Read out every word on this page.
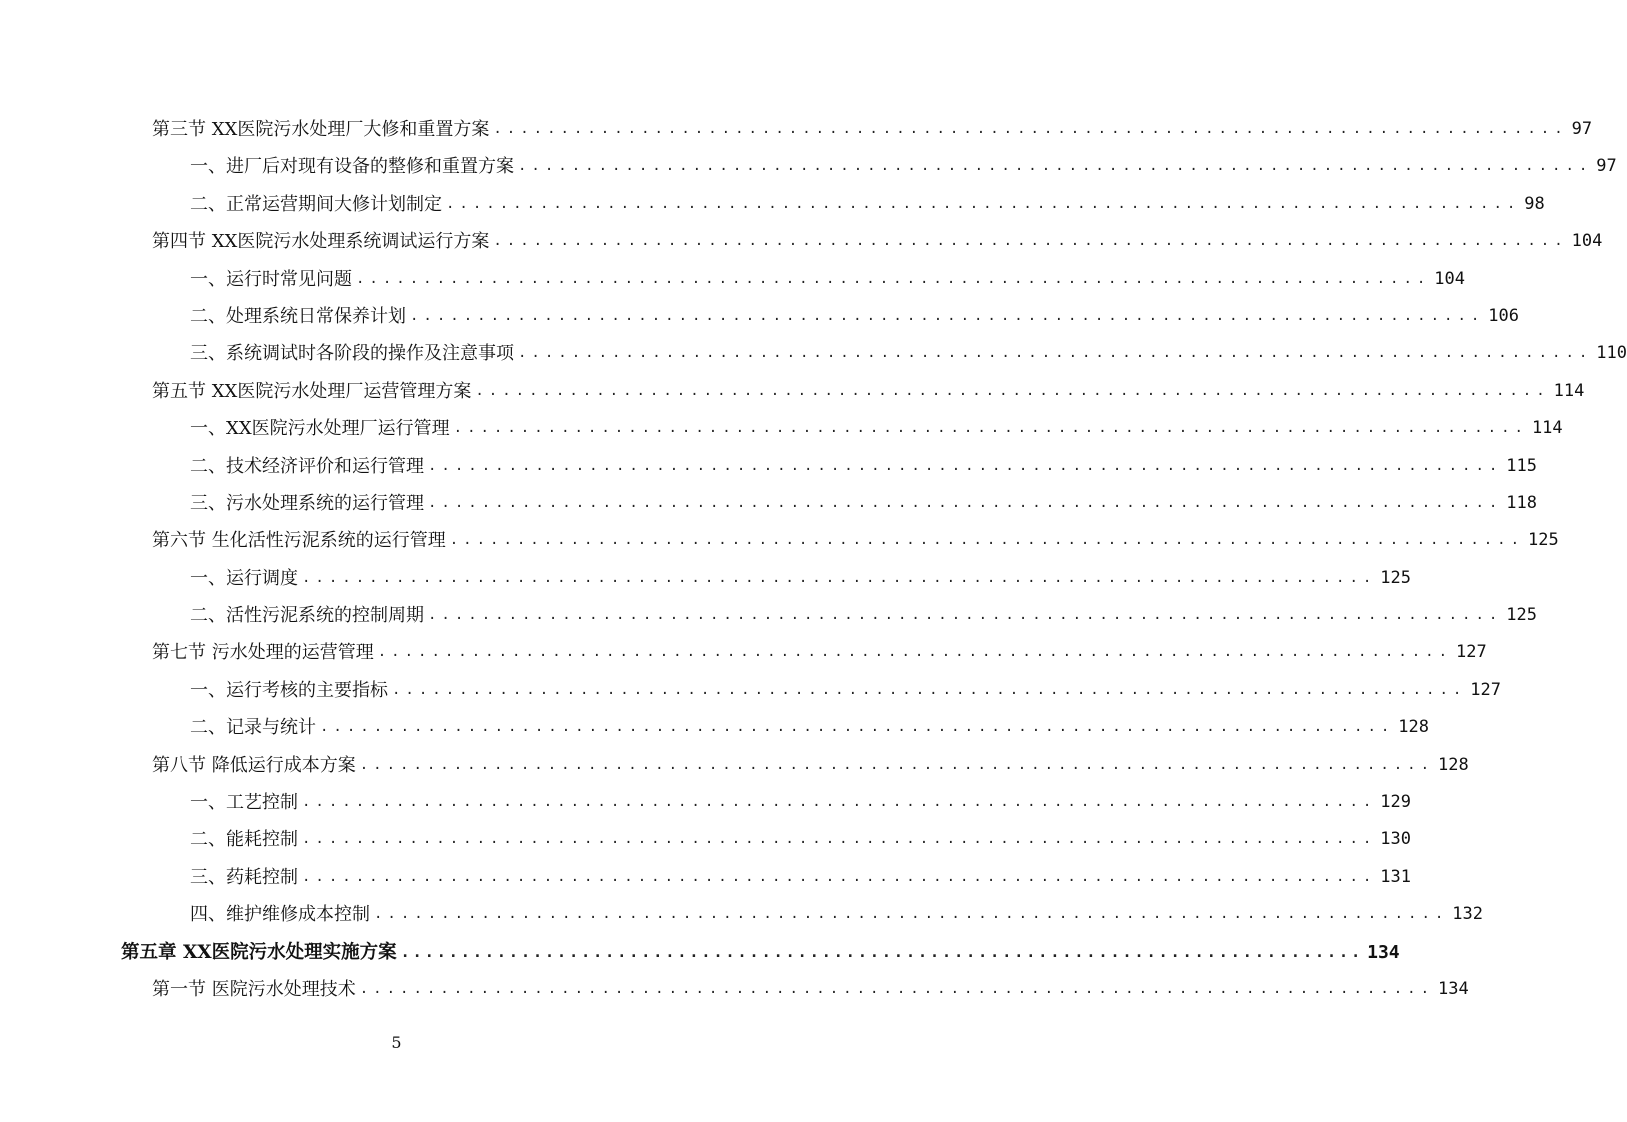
第三节 XX医院污水处理厂大修和重置方案 ................................................................................ 97
一、进厂后对现有设备的整修和重置方案 ................................................................................ 97
二、正常运营期间大修计划制定 ................................................................................ 98
第四节 XX医院污水处理系统调试运行方案 ................................................................................ 104
一、运行时常见问题 ................................................................................ 104
二、处理系统日常保养计划 ................................................................................ 106
三、系统调试时各阶段的操作及注意事项 ................................................................................ 110
第五节 XX医院污水处理厂运营管理方案 ................................................................................ 114
一、XX医院污水处理厂运行管理 ................................................................................ 114
二、技术经济评价和运行管理 ................................................................................ 115
三、污水处理系统的运行管理 ................................................................................ 118
第六节 生化活性污泥系统的运行管理 ................................................................................ 125
一、运行调度 ................................................................................ 125
二、活性污泥系统的控制周期 ................................................................................ 125
第七节 污水处理的运营管理 ................................................................................ 127
一、运行考核的主要指标 ................................................................................ 127
二、记录与统计 ................................................................................ 128
第八节 降低运行成本方案 ................................................................................ 128
一、工艺控制 ................................................................................ 129
二、能耗控制 ................................................................................ 130
三、药耗控制 ................................................................................ 131
四、维护维修成本控制 ................................................................................ 132
第五章 XX医院污水处理实施方案 ................................................................................ 134
第一节 医院污水处理技术 ................................................................................ 134
5
